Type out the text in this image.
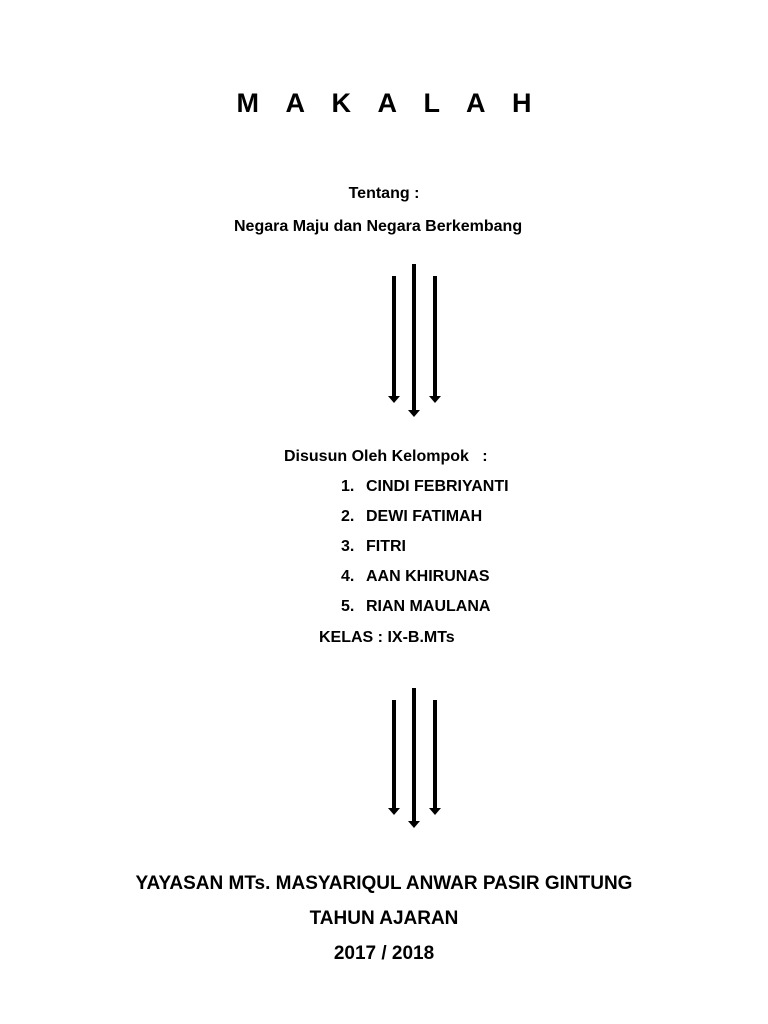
M A K A L A H
Tentang :
Negara Maju dan Negara Berkembang
Disusun Oleh Kelompok   :
1. CINDI FEBRIYANTI
2. DEWI FATIMAH
3. FITRI
4. AAN KHIRUNAS
5. RIAN MAULANA
KELAS : IX-B.MTs
YAYASAN MTs. MASYARIQUL ANWAR PASIR GINTUNG
TAHUN AJARAN
2017 / 2018
